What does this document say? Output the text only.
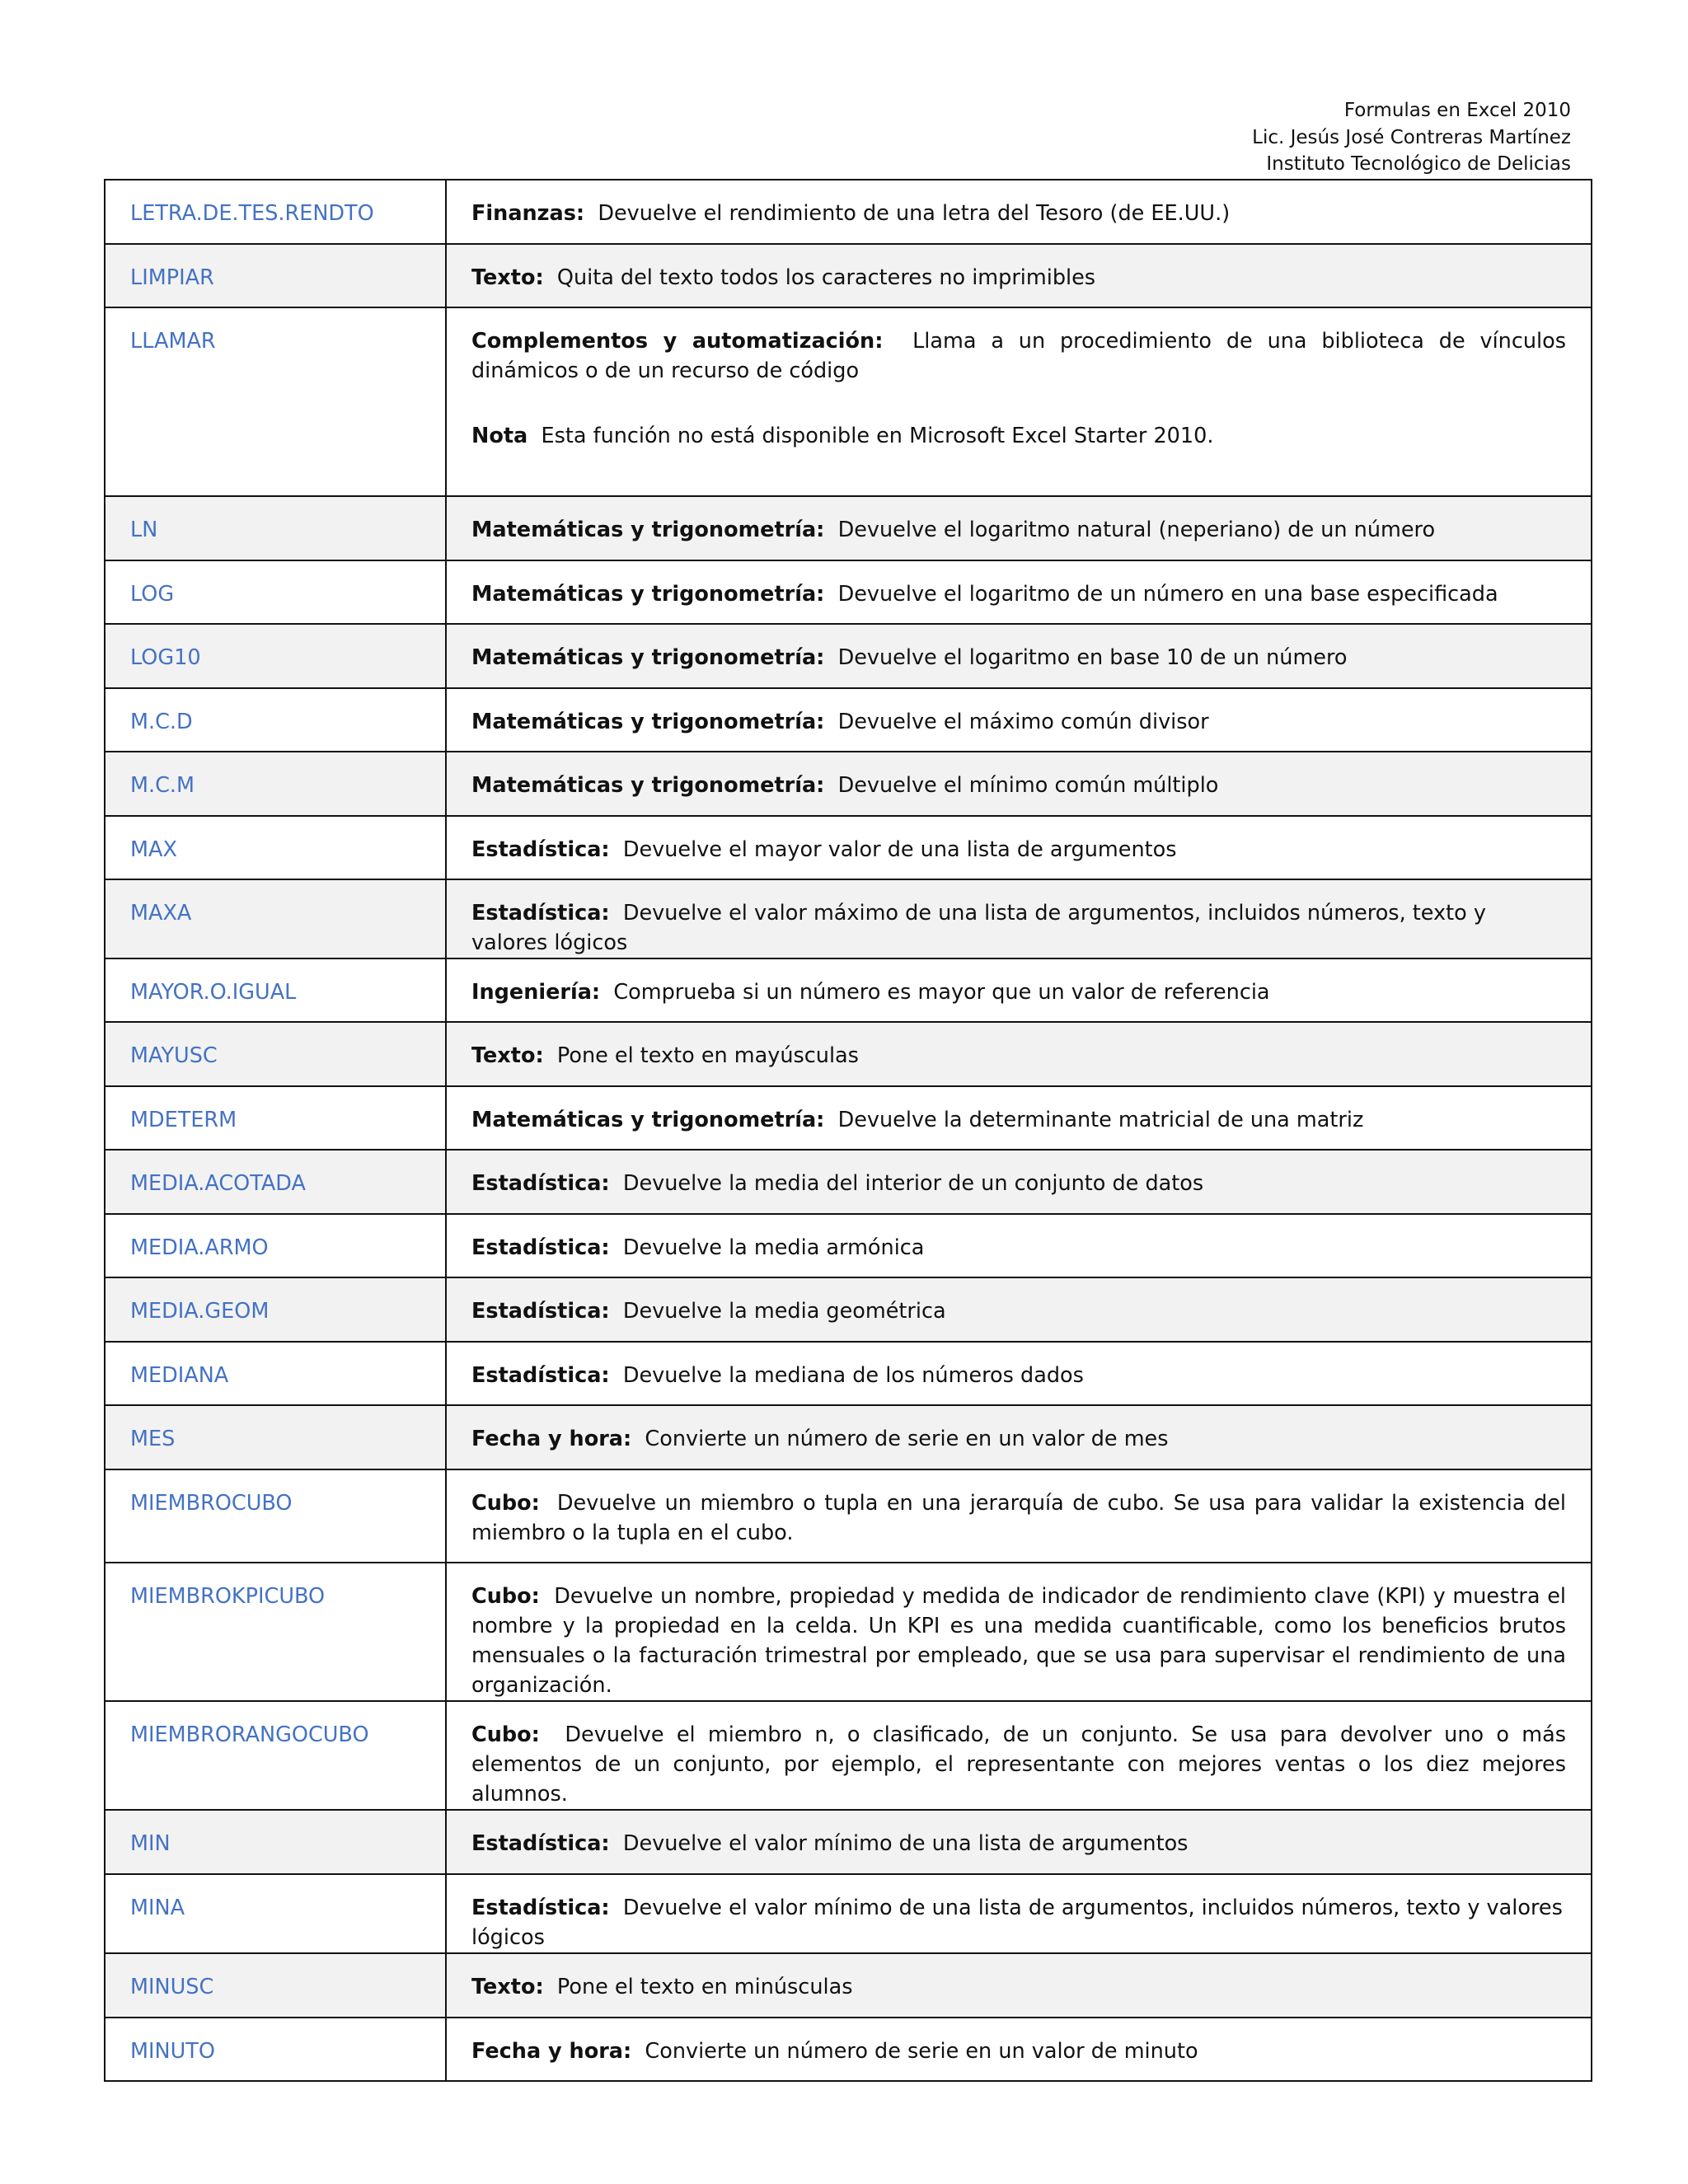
Formulas en Excel 2010
Lic. Jesús José Contreras Martínez
Instituto Tecnológico de Delicias
LETRA.DE.TES.RENDTO	Finanzas: Devuelve el rendimiento de una letra del Tesoro (de EE.UU.)
LIMPIAR	Texto: Quita del texto todos los caracteres no imprimibles
LLAMAR	Complementos y automatización: Llama a un procedimiento de una biblioteca de vínculos dinámicos o de un recurso de código
Nota Esta función no está disponible en Microsoft Excel Starter 2010.

LN	Matemáticas y trigonometría: Devuelve el logaritmo natural (neperiano) de un número
LOG	Matemáticas y trigonometría: Devuelve el logaritmo de un número en una base especificada
LOG10	Matemáticas y trigonometría: Devuelve el logaritmo en base 10 de un número
M.C.D	Matemáticas y trigonometría: Devuelve el máximo común divisor
M.C.M	Matemáticas y trigonometría: Devuelve el mínimo común múltiplo
MAX	Estadística: Devuelve el mayor valor de una lista de argumentos
MAXA	Estadística: Devuelve el valor máximo de una lista de argumentos, incluidos números, texto y valores lógicos
MAYOR.O.IGUAL	Ingeniería: Comprueba si un número es mayor que un valor de referencia
MAYUSC	Texto: Pone el texto en mayúsculas
MDETERM	Matemáticas y trigonometría: Devuelve la determinante matricial de una matriz
MEDIA.ACOTADA	Estadística: Devuelve la media del interior de un conjunto de datos
MEDIA.ARMO	Estadística: Devuelve la media armónica
MEDIA.GEOM	Estadística: Devuelve la media geométrica
MEDIANA	Estadística: Devuelve la mediana de los números dados
MES	Fecha y hora: Convierte un número de serie en un valor de mes
MIEMBROCUBO	Cubo: Devuelve un miembro o tupla en una jerarquía de cubo. Se usa para validar la existencia del miembro o la tupla en el cubo.
MIEMBROKPICUBO	Cubo: Devuelve un nombre, propiedad y medida de indicador de rendimiento clave (KPI) y muestra el nombre y la propiedad en la celda. Un KPI es una medida cuantificable, como los beneficios brutos mensuales o la facturación trimestral por empleado, que se usa para supervisar el rendimiento de una organización.
MIEMBRORANGOCUBO	Cubo: Devuelve el miembro n, o clasificado, de un conjunto. Se usa para devolver uno o más elementos de un conjunto, por ejemplo, el representante con mejores ventas o los diez mejores alumnos.
MIN	Estadística: Devuelve el valor mínimo de una lista de argumentos
MINA	Estadística: Devuelve el valor mínimo de una lista de argumentos, incluidos números, texto y valores lógicos
MINUSC	Texto: Pone el texto en minúsculas
MINUTO	Fecha y hora: Convierte un número de serie en un valor de minuto
